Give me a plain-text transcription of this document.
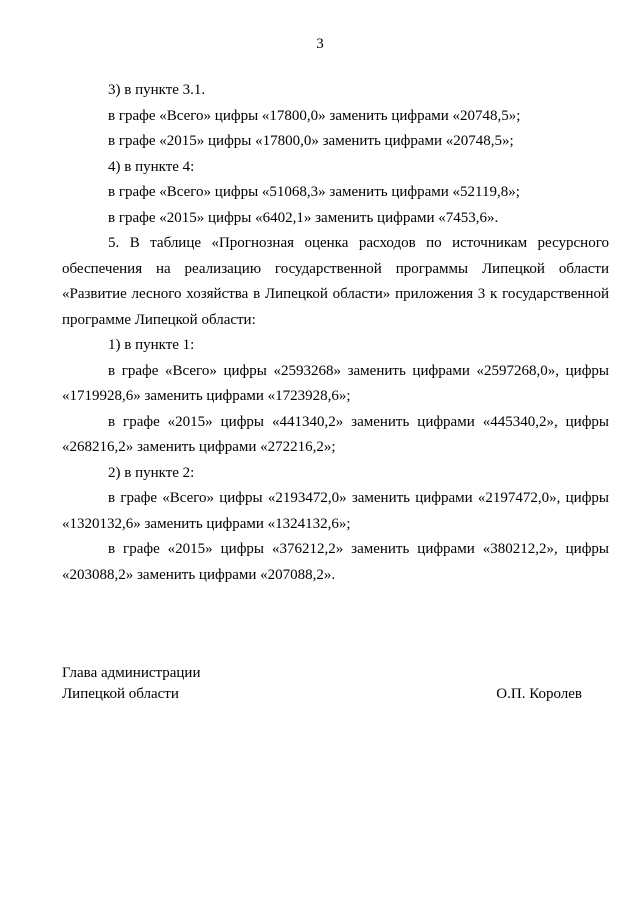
3
3) в пункте 3.1.
в графе «Всего» цифры «17800,0» заменить цифрами «20748,5»;
в графе «2015» цифры «17800,0» заменить цифрами «20748,5»;
4) в пункте 4:
в графе «Всего» цифры «51068,3» заменить цифрами «52119,8»;
в графе «2015» цифры «6402,1» заменить цифрами «7453,6».

5. В таблице «Прогнозная оценка расходов по источникам ресурсного обеспечения на реализацию государственной программы Липецкой области «Развитие лесного хозяйства в Липецкой области» приложения 3 к государственной программе Липецкой области:

1) в пункте 1:

в графе «Всего» цифры «2593268» заменить цифрами «2597268,0», цифры «1719928,6» заменить цифрами «1723928,6»;

в графе «2015» цифры «441340,2» заменить цифрами «445340,2», цифры «268216,2» заменить цифрами «272216,2»;

2) в пункте 2:

в графе «Всего» цифры «2193472,0» заменить цифрами «2197472,0», цифры «1320132,6» заменить цифрами «1324132,6»;

в графе «2015» цифры «376212,2» заменить цифрами «380212,2», цифры «203088,2» заменить цифрами «207088,2».

Глава администрации
Липецкой области	О.П. Королев
